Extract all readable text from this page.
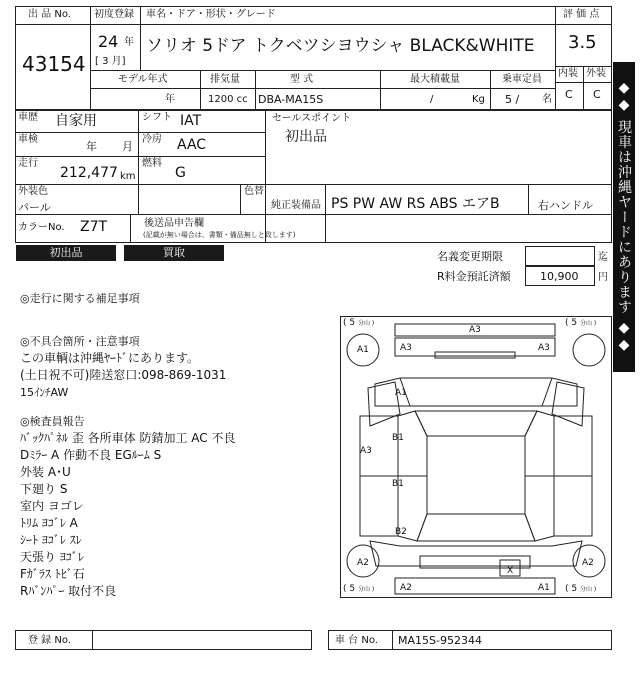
出 品 No.
43154
初度登録
24 年
[ 3 月]
車名・ドア・形状・グレード
ソリオ 5ドア トクベツシヨウシャ BLACK&WHITE
評 価 点
3.5
内装 外装
C C
モデル年式
年
排気量
1200 cc
型 式
DBA-MA15S
最大積載量
/	Kg
乗車定員
5 / 名
車歴 自家用	シフト IAT
車検
年 月
冷房 AAC
走行
212,477 km
燃料
G
セールスポイント
初出品
外装色
パール
色替
純正装備品 PS PW AW RS ABS エアB	右ハンドル
カラーNo. Z7T	後送品申告欄
(記載が無い場合は、書類・備品無しと致します)
初出品	買取	名義変更期限	迄
R料金預託済額	10,900 円
◎走行に関する補足事項
◎不具合箇所・注意事項
この車輌は沖縄ﾔｰﾄﾞにあります。
(土日祝不可)陸送窓口:098-869-1031
15ｲﾝﾁAW
◎検査員報告
ﾊﾞｯｸﾊﾟﾈﾙ 歪 各所車体 防錆加工 AC 不良
Dﾐﾗｰ A 作動不良 EGﾙｰﾑ S
外装 A･U
下廻り S
室内 ヨゴレ
ﾄﾘﾑ ﾖｺﾞﾚ A
ｼｰﾄ ﾖｺﾞﾚ ｽﾚ
天張り ﾖｺﾞﾚ
Fｶﾞﾗｽ ﾄﾋﾞ石
Rﾊﾞﾝﾊﾟｰ 取付不良
( 5 分山 )	( 5 分山 )
( 5 分山 )	( 5 分山 )
A3
A3	A3
A1
A1
A3
B1
B1
B2
A2	A2
A2	A1
X
登 録 No.	車 台 No. MA15S-952344
◆◆ 現車は沖縄ヤードにあります ◆◆
